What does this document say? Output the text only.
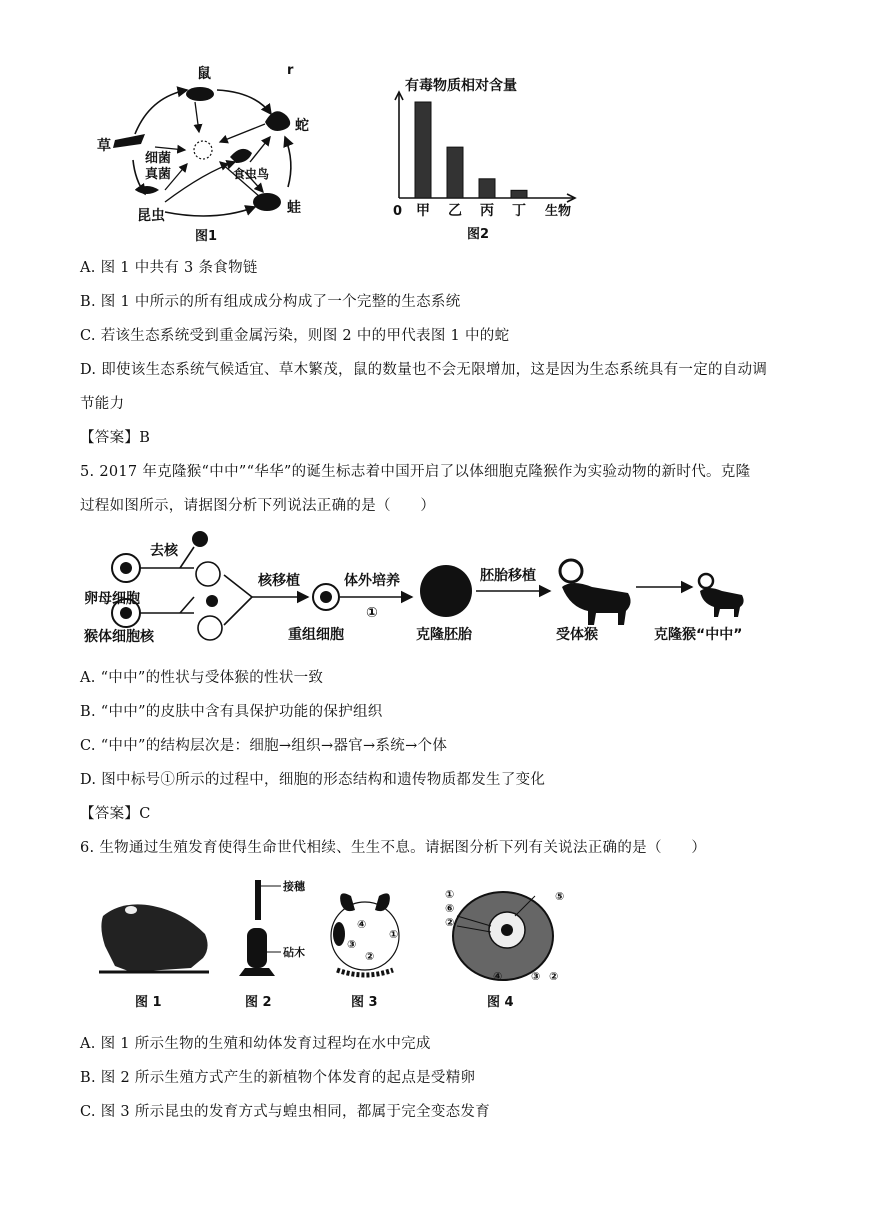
r
鼠
蛇
草
细菌
真菌	食虫鸟
蛙
昆虫
图1
有毒物质相对含量
0 甲 乙 丙 丁 生物
图2
A. 图 1 中共有 3 条食物链
B. 图 1 中所示的所有组成成分构成了一个完整的生态系统
C. 若该生态系统受到重金属污染，则图 2 中的甲代表图 1 中的蛇
D. 即使该生态系统气候适宜、草木繁茂，鼠的数量也不会无限增加，这是因为生态系统具有一定的自动调
节能力
【答案】B
5. 2017 年克隆猴“中中”“华华”的诞生标志着中国开启了以体细胞克隆猴作为实验动物的新时代。克隆
过程如图所示，请据图分析下列说法正确的是（　　）
去核
卵母细胞
猴体细胞核
核移植
重组细胞
体外培养
①
克隆胚胎
胚胎移植
受体猴	克隆猴“中中”
A. “中中”的性状与受体猴的性状一致
B. “中中”的皮肤中含有具保护功能的保护组织
C. “中中”的结构层次是：细胞→组织→器官→系统→个体
D. 图中标号①所示的过程中，细胞的形态结构和遗传物质都发生了变化
【答案】C
6. 生物通过生殖发育使得生命世代相续、生生不息。请据图分析下列有关说法正确的是（　　）
图 1
接穗
砧木
图 2
④
①
③
②
图 3
①
⑥
②
⑤
④	③ ②
图 4
A. 图 1 所示生物的生殖和幼体发育过程均在水中完成
B. 图 2 所示生殖方式产生的新植物个体发育的起点是受精卵
C. 图 3 所示昆虫的发育方式与蝗虫相同，都属于完全变态发育
